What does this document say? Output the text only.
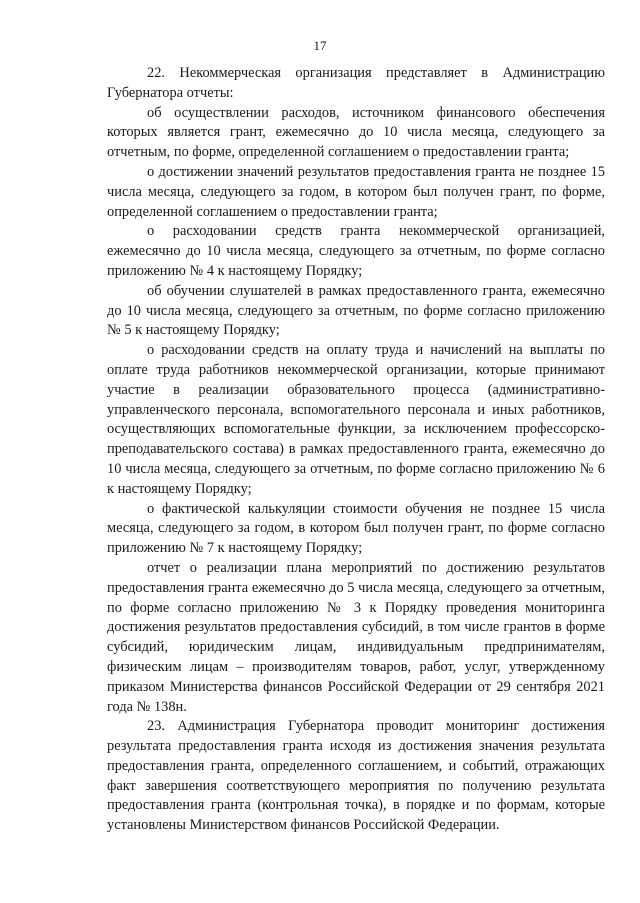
17

22. Некоммерческая организация представляет в Администрацию Губернатора отчеты:

об осуществлении расходов, источником финансового обеспечения которых является грант, ежемесячно до 10 числа месяца, следующего за отчетным, по форме, определенной соглашением о предоставлении гранта;

о достижении значений результатов предоставления гранта не позднее 15 числа месяца, следующего за годом, в котором был получен грант, по форме, определенной соглашением о предоставлении гранта;

о расходовании средств гранта некоммерческой организацией, ежемесячно до 10 числа месяца, следующего за отчетным, по форме согласно приложению № 4 к настоящему Порядку;

об обучении слушателей в рамках предоставленного гранта, ежемесячно до 10 числа месяца, следующего за отчетным, по форме согласно приложению № 5 к настоящему Порядку;

о расходовании средств на оплату труда и начислений на выплаты по оплате труда работников некоммерческой организации, которые принимают участие в реализации образовательного процесса (административно-управленческого персонала, вспомогательного персонала и иных работников, осуществляющих вспомогательные функции, за исключением профессорско-преподавательского состава) в рамках предоставленного гранта, ежемесячно до 10 числа месяца, следующего за отчетным, по форме согласно приложению № 6 к настоящему Порядку;

о фактической калькуляции стоимости обучения не позднее 15 числа месяца, следующего за годом, в котором был получен грант, по форме согласно приложению № 7 к настоящему Порядку;

отчет о реализации плана мероприятий по достижению результатов предоставления гранта ежемесячно до 5 числа месяца, следующего за отчетным, по форме согласно приложению № 3 к Порядку проведения мониторинга достижения результатов предоставления субсидий, в том числе грантов в форме субсидий, юридическим лицам, индивидуальным предпринимателям, физическим лицам – производителям товаров, работ, услуг, утвержденному приказом Министерства финансов Российской Федерации от 29 сентября 2021 года № 138н.

23. Администрация Губернатора проводит мониторинг достижения результата предоставления гранта исходя из достижения значения результата предоставления гранта, определенного соглашением, и событий, отражающих факт завершения соответствующего мероприятия по получению результата предоставления гранта (контрольная точка), в порядке и по формам, которые установлены Министерством финансов Российской Федерации.
